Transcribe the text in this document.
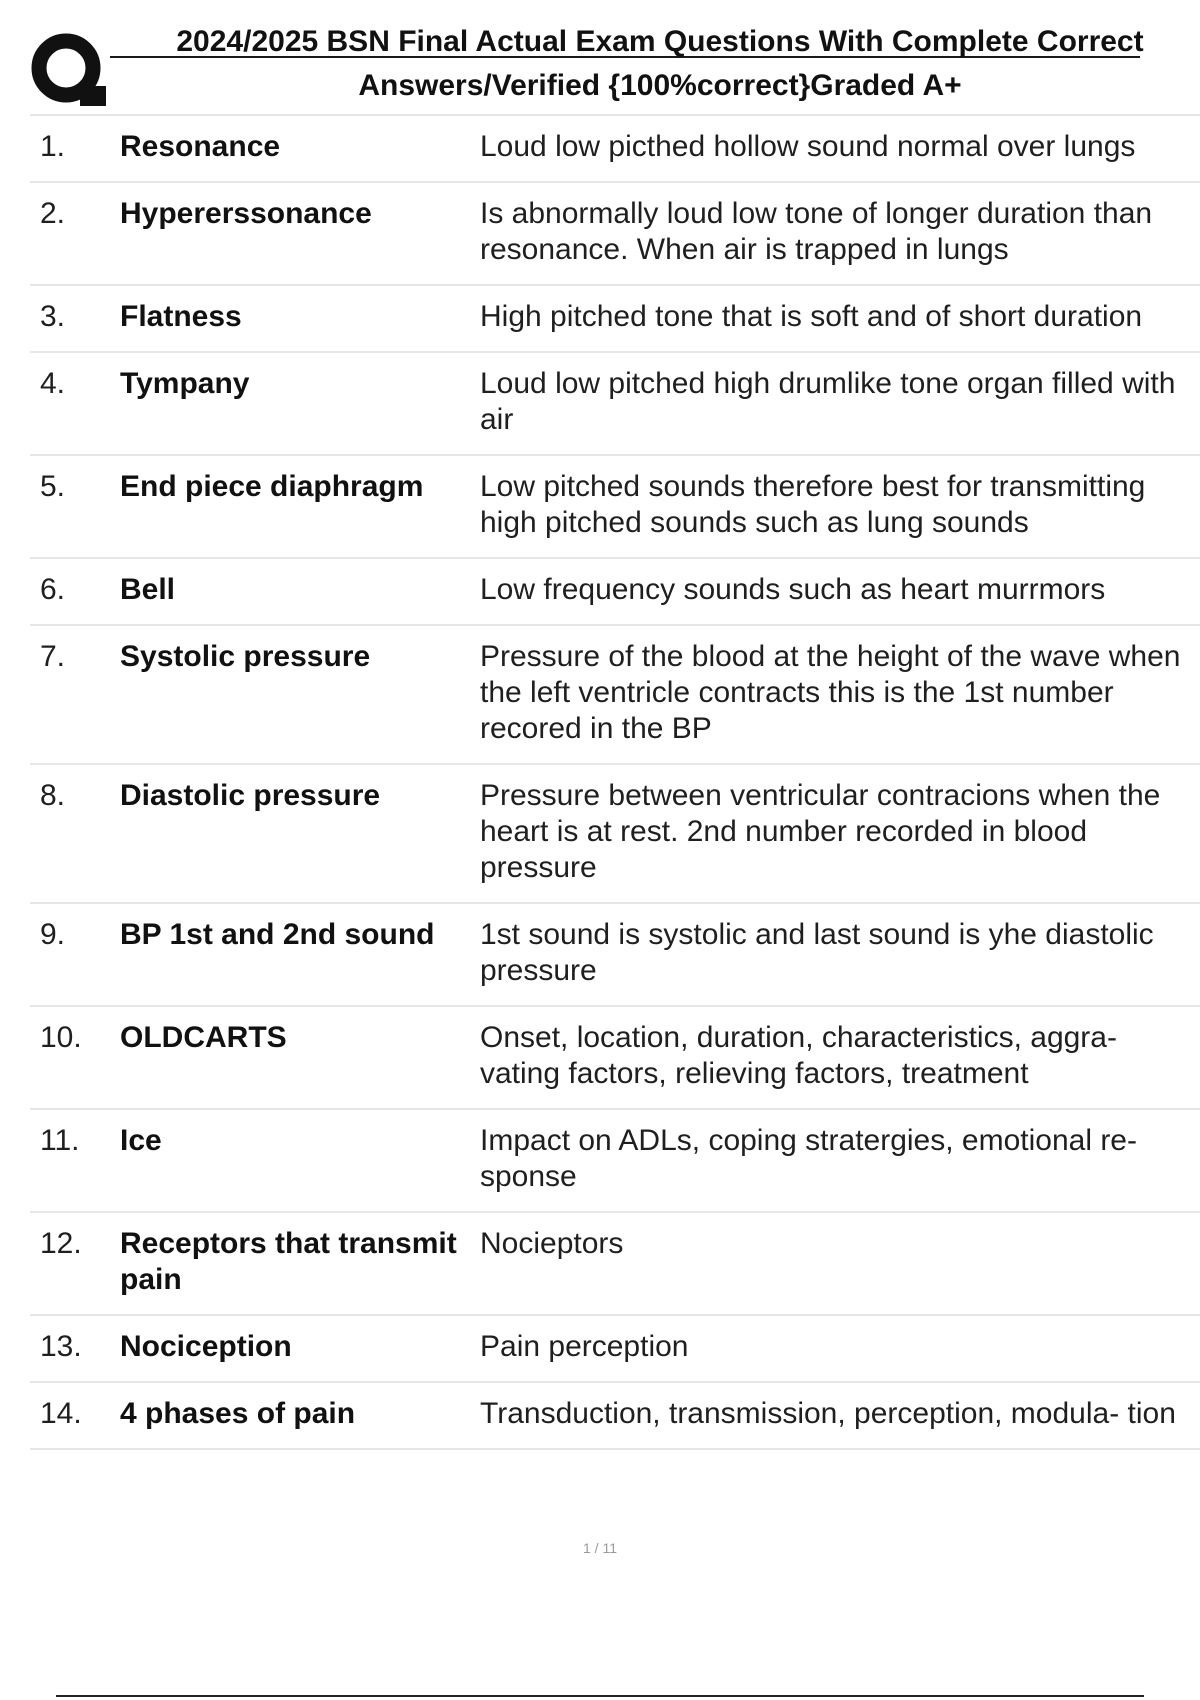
2024/2025 BSN Final Actual Exam Questions With Complete Correct
Answers/Verified {100%correct}Graded A+
1.	Resonance	Loud low picthed hollow sound normal over lungs
2.	Hypererssonance	Is abnormally loud low tone of longer duration than resonance. When air is trapped in lungs
3.	Flatness	High pitched tone that is soft and of short duration
4.	Tympany	Loud low pitched high drumlike tone organ filled with air
5.	End piece diaphragm	Low pitched sounds therefore best for transmitting high pitched sounds such as lung sounds
6.	Bell	Low frequency sounds such as heart murrmors
7.	Systolic pressure	Pressure of the blood at the height of the wave when the left ventricle contracts this is the 1st number recored in the BP
8.	Diastolic pressure	Pressure between ventricular contracions when the heart is at rest. 2nd number recorded in blood pressure
9.	BP 1st and 2nd sound	1st sound is systolic and last sound is yhe diastolic pressure
10.	OLDCARTS	Onset, location, duration, characteristics, aggra- vating factors, relieving factors, treatment
11.	Ice	Impact on ADLs, coping stratergies, emotional re- sponse
12.	Receptors that transmit pain	Nocieptors
13.	Nociception	Pain perception
14.	4 phases of pain	Transduction, transmission, perception, modula- tion
1 / 11
